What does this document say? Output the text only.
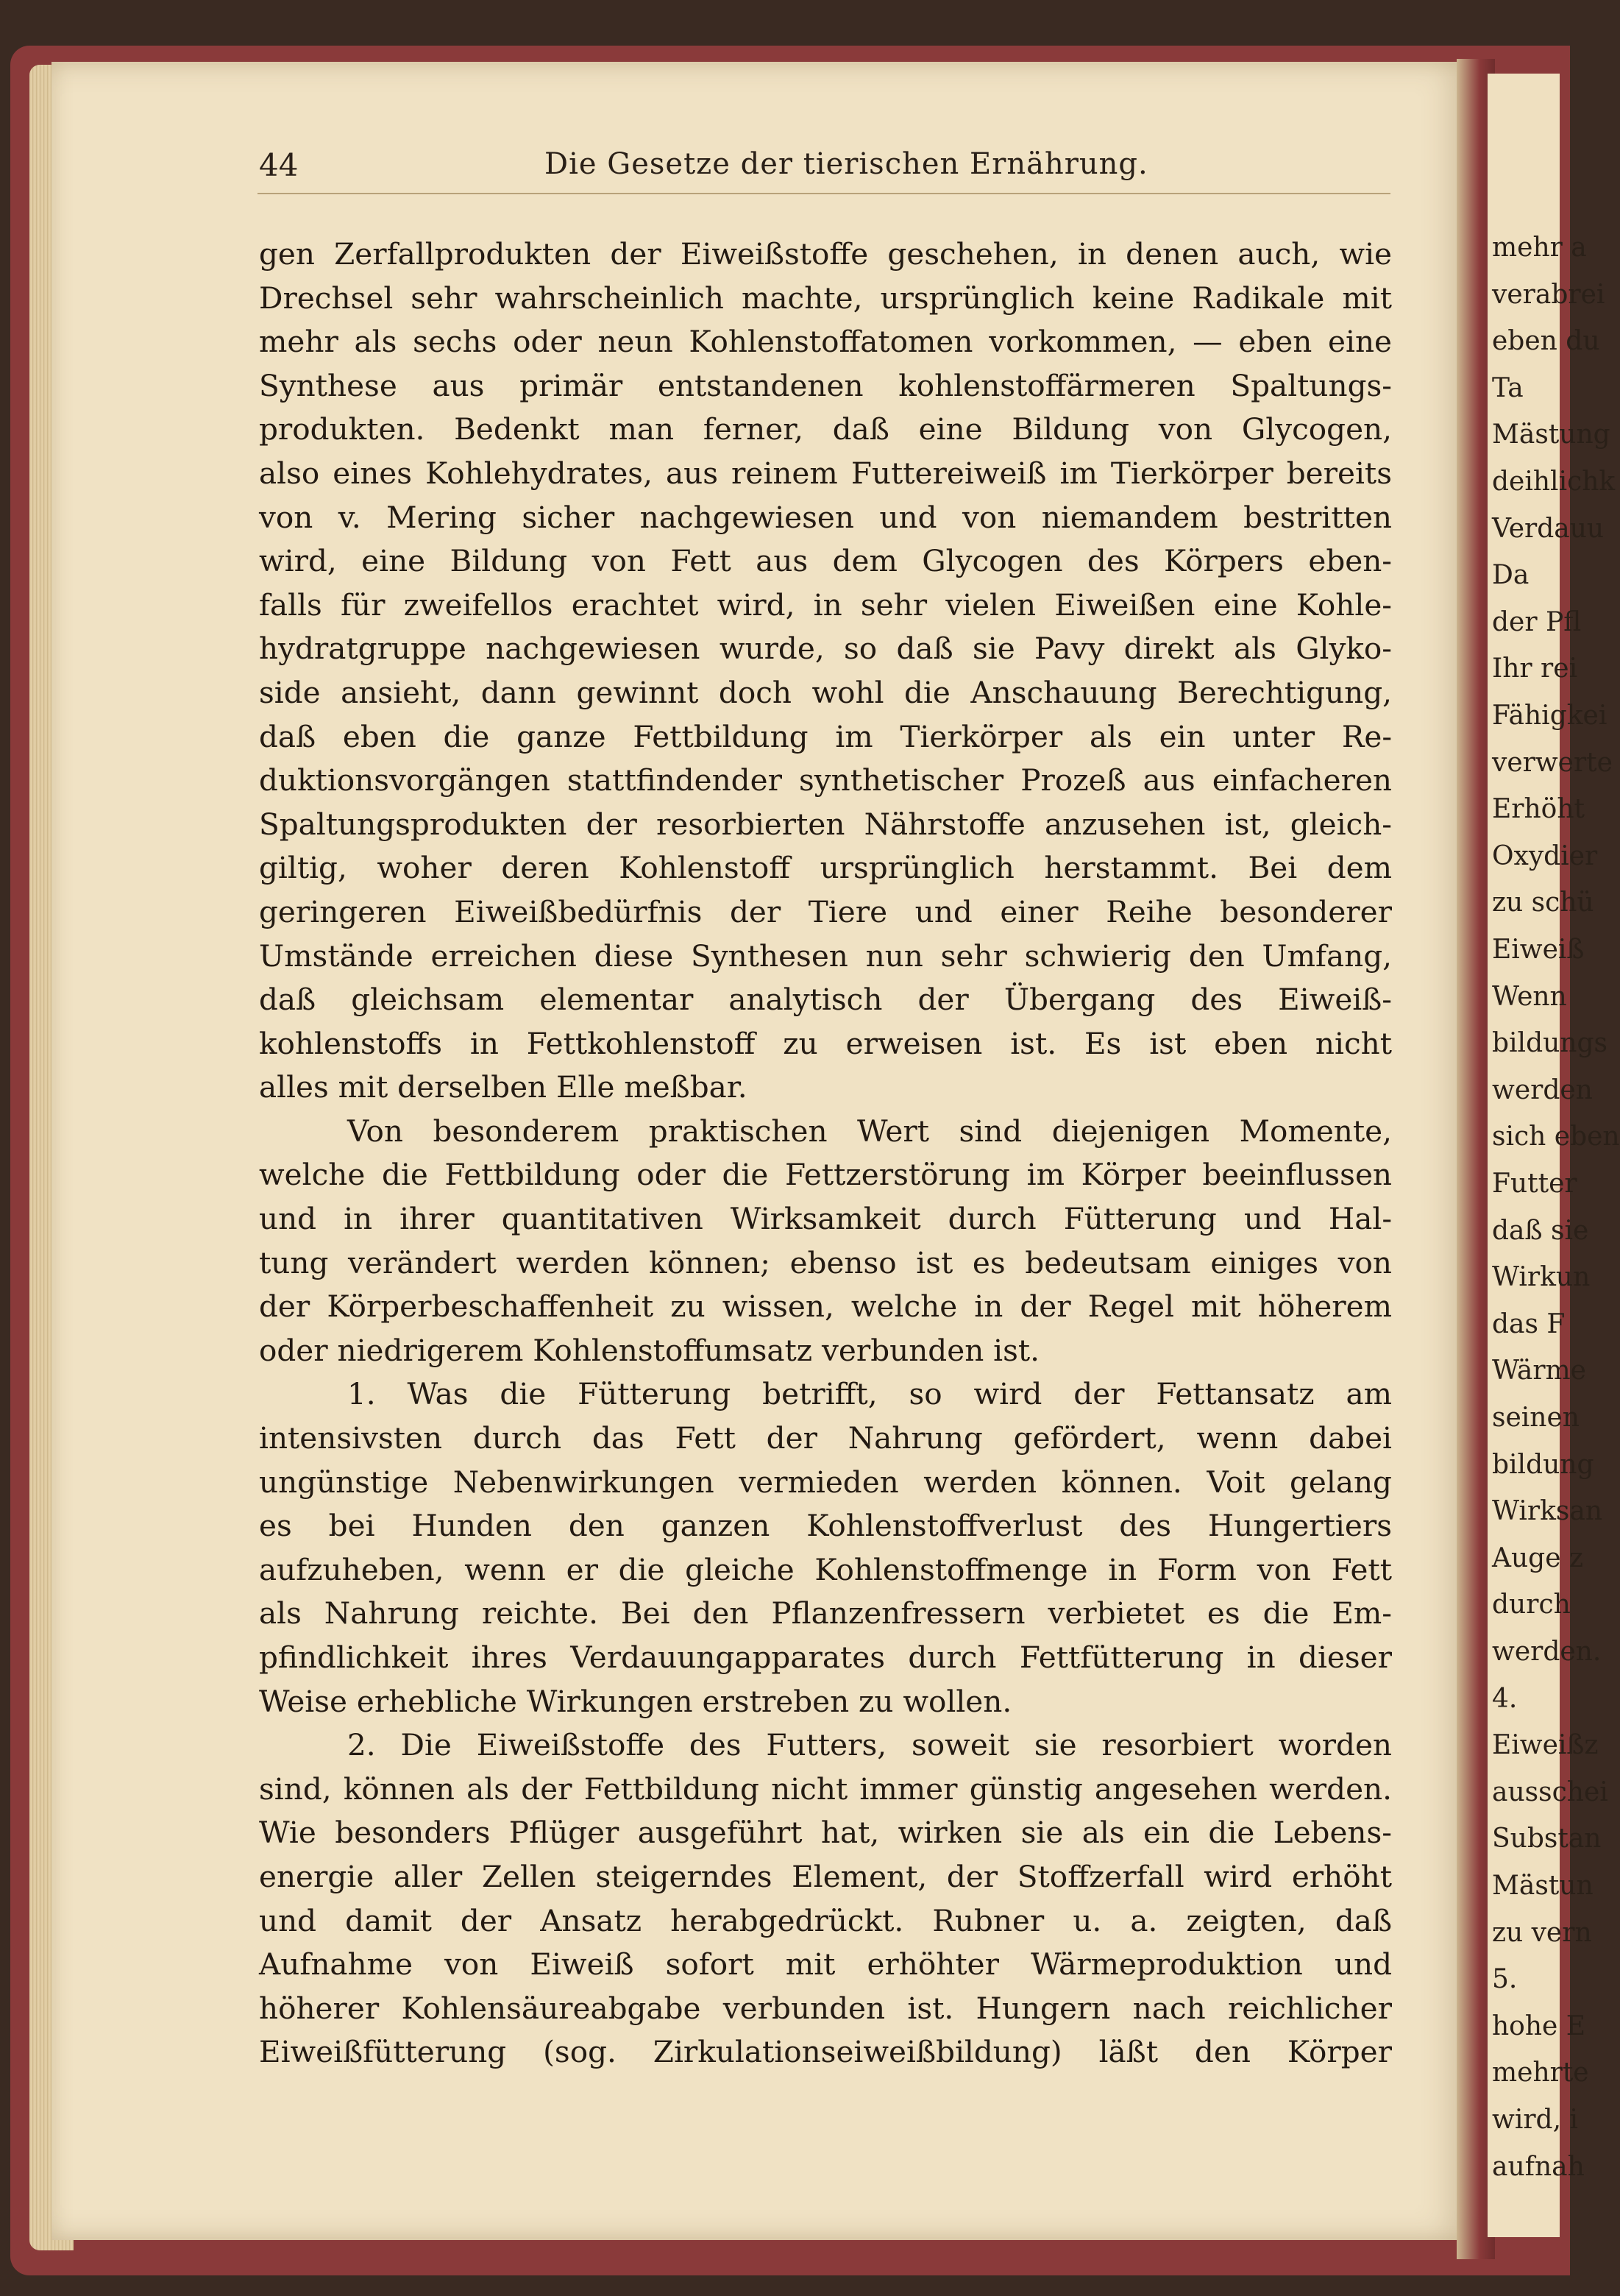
mehr a
verabrei
eben du
Ta
Mästung
deihlichk
Verdauu
Da
der Pfl
Ihr rei
Fähigkei
verwerte
Erhöht
Oxydier
zu schü
Eiweiß
Wenn
bildungs
werden
sich eben
Futter
daß sie
Wirkun
das F
Wärme
seinen
bildung
Wirksan
Auge z
durch
werden.
4.
Eiweißz
ausschei
Substan
Mästun
zu vern
5.
hohe E
mehrte
wird, i
aufnah
44	Die Gesetze der tierischen Ernährung.
gen Zerfallprodukten der Eiweißstoffe geschehen, in denen auch, wie
Drechsel sehr wahrscheinlich machte, ursprünglich keine Radikale mit
mehr als sechs oder neun Kohlenstoffatomen vorkommen, — eben eine
Synthese aus primär entstandenen kohlenstoffärmeren Spaltungs-
produkten. Bedenkt man ferner, daß eine Bildung von Glycogen,
also eines Kohlehydrates, aus reinem Futtereiweiß im Tierkörper bereits
von v. Mering sicher nachgewiesen und von niemandem bestritten
wird, eine Bildung von Fett aus dem Glycogen des Körpers eben-
falls für zweifellos erachtet wird, in sehr vielen Eiweißen eine Kohle-
hydratgruppe nachgewiesen wurde, so daß sie Pavy direkt als Glyko-
side ansieht, dann gewinnt doch wohl die Anschauung Berechtigung,
daß eben die ganze Fettbildung im Tierkörper als ein unter Re-
duktionsvorgängen stattfindender synthetischer Prozeß aus einfacheren
Spaltungsprodukten der resorbierten Nährstoffe anzusehen ist, gleich-
giltig, woher deren Kohlenstoff ursprünglich herstammt. Bei dem
geringeren Eiweißbedürfnis der Tiere und einer Reihe besonderer
Umstände erreichen diese Synthesen nun sehr schwierig den Umfang,
daß gleichsam elementar analytisch der Übergang des Eiweiß-
kohlenstoffs in Fettkohlenstoff zu erweisen ist. Es ist eben nicht
alles mit derselben Elle meßbar.
Von besonderem praktischen Wert sind diejenigen Momente,
welche die Fettbildung oder die Fettzerstörung im Körper beeinflussen
und in ihrer quantitativen Wirksamkeit durch Fütterung und Hal-
tung verändert werden können; ebenso ist es bedeutsam einiges von
der Körperbeschaffenheit zu wissen, welche in der Regel mit höherem
oder niedrigerem Kohlenstoffumsatz verbunden ist.
1. Was die Fütterung betrifft, so wird der Fettansatz am
intensivsten durch das Fett der Nahrung gefördert, wenn dabei
ungünstige Nebenwirkungen vermieden werden können. Voit gelang
es bei Hunden den ganzen Kohlenstoffverlust des Hungertiers
aufzuheben, wenn er die gleiche Kohlenstoffmenge in Form von Fett
als Nahrung reichte. Bei den Pflanzenfressern verbietet es die Em-
pfindlichkeit ihres Verdauungapparates durch Fettfütterung in dieser
Weise erhebliche Wirkungen erstreben zu wollen.
2. Die Eiweißstoffe des Futters, soweit sie resorbiert worden
sind, können als der Fettbildung nicht immer günstig angesehen werden.
Wie besonders Pflüger ausgeführt hat, wirken sie als ein die Lebens-
energie aller Zellen steigerndes Element, der Stoffzerfall wird erhöht
und damit der Ansatz herabgedrückt. Rubner u. a. zeigten, daß
Aufnahme von Eiweiß sofort mit erhöhter Wärmeproduktion und
höherer Kohlensäureabgabe verbunden ist. Hungern nach reichlicher
Eiweißfütterung (sog. Zirkulationseiweißbildung) läßt den Körper
